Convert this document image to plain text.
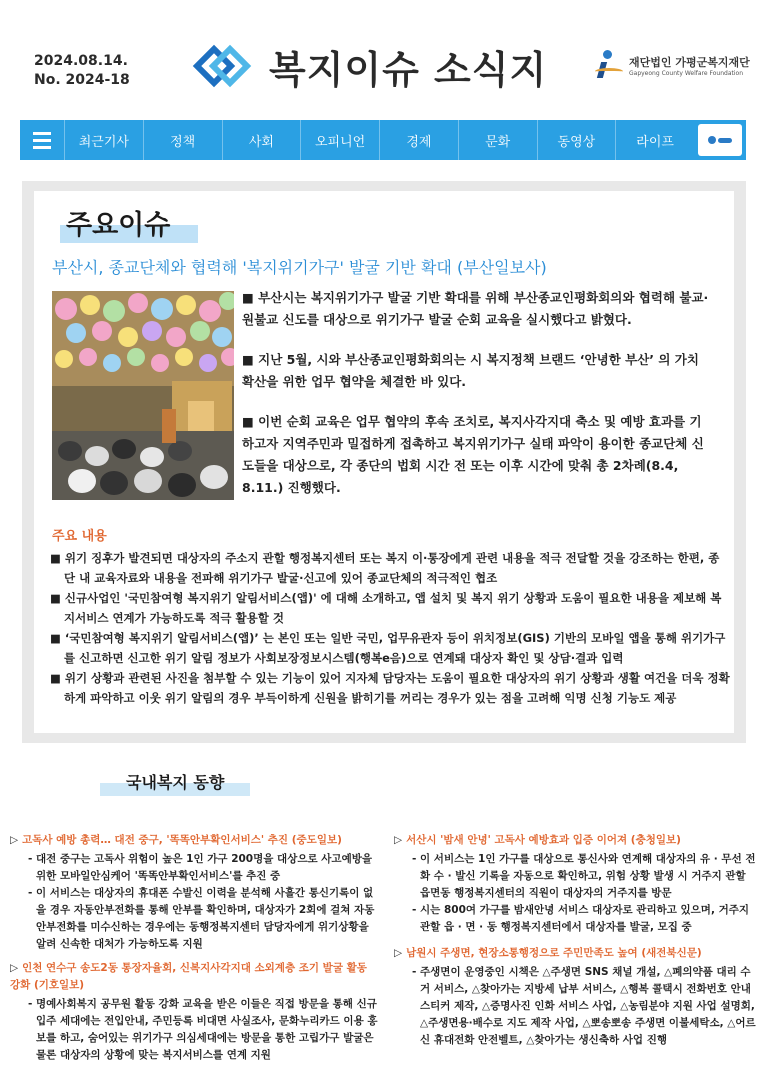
2024.08.14.
No. 2024-18	복지이슈 소식지	재단법인 가평군복지재단
Gapyeong County Welfare Foundation
최근기사	정책	사회	오피니언	경제	문화	동영상	라이프
주요이슈
부산시, 종교단체와 협력해 '복지위기가구' 발굴 기반 확대 (부산일보사)

■ 부산시는 복지위기가구 발굴 기반 확대를 위해 부산종교인평화회의와 협력해 불교·원불교 신도를 대상으로 위기가구 발굴 순회 교육을 실시했다고 밝혔다.

■ 지난 5월, 시와 부산종교인평화회의는 시 복지정책 브랜드 ‘안녕한 부산’ 의 가치 확산을 위한 업무 협약을 체결한 바 있다.

■ 이번 순회 교육은 업무 협약의 후속 조치로, 복지사각지대 축소 및 예방 효과를 기하고자 지역주민과 밀접하게 접촉하고 복지위기가구 실태 파악이 용이한 종교단체 신도들을 대상으로, 각 종단의 법회 시간 전 또는 이후 시간에 맞춰 총 2차례(8.4, 8.11.) 진행했다.

주요 내용
■ 위기 징후가 발견되면 대상자의 주소지 관할 행정복지센터 또는 복지 이·통장에게 관련 내용을 적극 전달할 것을 강조하는 한편, 종단 내 교육자료와 내용을 전파해 위기가구 발굴·신고에 있어 종교단체의 적극적인 협조
■ 신규사업인 '국민참여형 복지위기 알림서비스(앱)' 에 대해 소개하고, 앱 설치 및 복지 위기 상황과 도움이 필요한 내용을 제보해 복지서비스 연계가 가능하도록 적극 활용할 것
■ ‘국민참여형 복지위기 알림서비스(앱)’ 는 본인 또는 일반 국민, 업무유관자 등이 위치정보(GIS) 기반의 모바일 앱을 통해 위기가구를 신고하면 신고한 위기 알림 정보가 사회보장정보시스템(행복e음)으로 연계돼 대상자 확인 및 상담·결과 입력
■ 위기 상황과 관련된 사진을 첨부할 수 있는 기능이 있어 지자체 담당자는 도움이 필요한 대상자의 위기 상황과 생활 여건을 더욱 정확하게 파악하고 이웃 위기 알림의 경우 부득이하게 신원을 밝히기를 꺼리는 경우가 있는 점을 고려해 익명 신청 기능도 제공
국내복지 동향
▷ 고독사 예방 총력… 대전 중구, '똑똑안부확인서비스' 추진 (중도일보)
- 대전 중구는 고독사 위험이 높은 1인 가구 200명을 대상으로 사고예방을 위한 모바일안심케어 '똑똑안부확인서비스'를 추진 중
- 이 서비스는 대상자의 휴대폰 수발신 이력을 분석해 사흘간 통신기록이 없을 경우 자동안부전화를 통해 안부를 확인하며, 대상자가 2회에 걸쳐 자동안부전화를 미수신하는 경우에는 동행정복지센터 담당자에게 위기상황을 알려 신속한 대처가 가능하도록 지원
▷ 인천 연수구 송도2동 통장자율회, 신복지사각지대 소외계층 조기 발굴 활동 강화 (기호일보)
- 명예사회복지 공무원 활동 강화 교육을 받은 이들은 직접 방문을 통해 신규 입주 세대에는 전입안내, 주민등록 비대면 사실조사, 문화누리카드 이용 홍보를 하고, 숨어있는 위기가구 의심세대에는 방문을 통한 고립가구 발굴은 물론 대상자의 상황에 맞는 복지서비스를 연계 지원
▷ 서산시 '밤새 안녕' 고독사 예방효과 입증 이어져 (충청일보)
- 이 서비스는 1인 가구를 대상으로 통신사와 연계해 대상자의 유 · 무선 전화 수 · 발신 기록을 자동으로 확인하고, 위험 상황 발생 시 거주지 관할 읍면동 행정복지센터의 직원이 대상자의 거주지를 방문
- 시는 800여 가구를 밤새안녕 서비스 대상자로 관리하고 있으며, 거주지 관할 읍 · 면 · 동 행정복지센터에서 대상자를 발굴, 모집 중
▷ 남원시 주생면, 현장소통행정으로 주민만족도 높여 (새전북신문)
- 주생면이 운영중인 시책은 △주생면 SNS 채널 개설, △폐의약품 대리 수거 서비스, △찾아가는 지방세 납부 서비스, △행복 콜택시 전화번호 안내 스티커 제작, △증명사진 인화 서비스 사업, △농림분야 지원 사업 설명회, △주생면용·배수로 지도 제작 사업, △뽀송뽀송 주생면 이불세탁소, △어르신 휴대전화 안전벨트, △찾아가는 생신축하 사업 진행
